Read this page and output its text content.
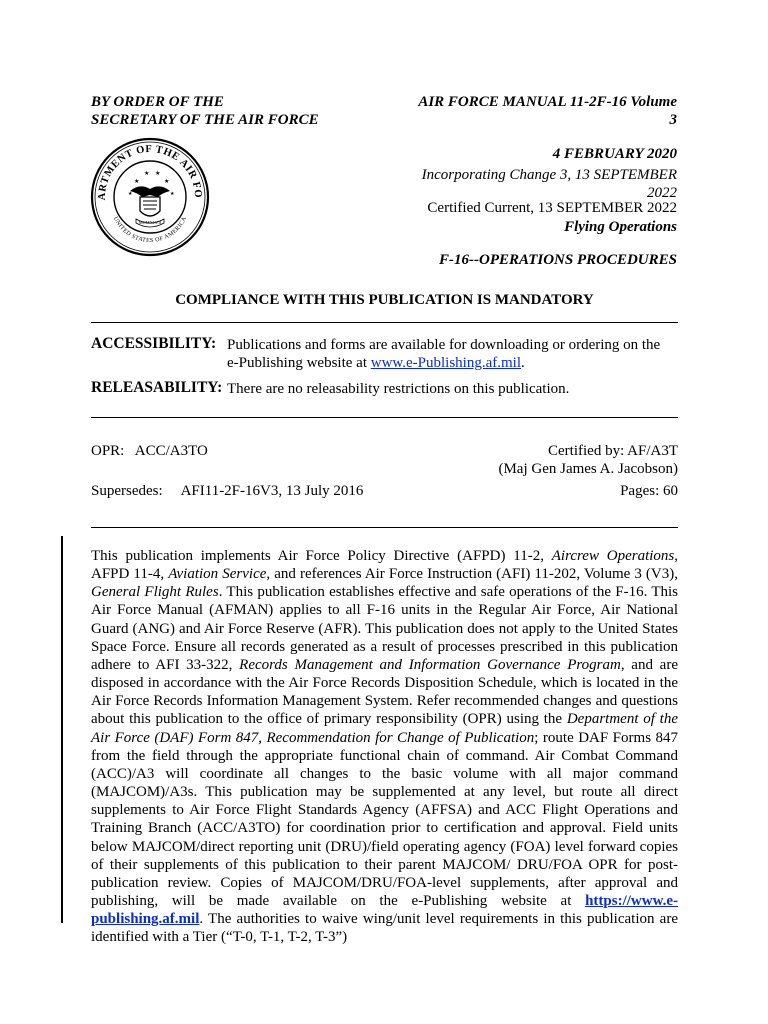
BY ORDER OF THE
SECRETARY OF THE AIR FORCE
ARTMENT OF THE AIR FO
UNITED STATES OF AMERICA
★
★ ★
★
★	★
MCMXLVII
AIR FORCE MANUAL 11-2F-16 Volume
3
4 FEBRUARY 2020
Incorporating Change 3, 13 SEPTEMBER
2022
Certified Current, 13 SEPTEMBER 2022
Flying Operations
F-16--OPERATIONS PROCEDURES
COMPLIANCE WITH THIS PUBLICATION IS MANDATORY
ACCESSIBILITY: Publications and forms are available for downloading or ordering on the
e-Publishing website at www.e-Publishing.af.mil.
RELEASABILITY: There are no releasability restrictions on this publication.
OPR:   ACC/A3TO	Certified by: AF/A3T
(Maj Gen James A. Jacobson)
Supersedes:     AFI11-2F-16V3, 13 July 2016	Pages: 60

This publication implements Air Force Policy Directive (AFPD) 11-2, Aircrew Operations, AFPD 11-4, Aviation Service, and references Air Force Instruction (AFI) 11-202, Volume 3 (V3), General Flight Rules. This publication establishes effective and safe operations of the F-16. This Air Force Manual (AFMAN) applies to all F-16 units in the Regular Air Force, Air National Guard (ANG) and Air Force Reserve (AFR). This publication does not apply to the United States Space Force. Ensure all records generated as a result of processes prescribed in this publication adhere to AFI 33-322, Records Management and Information Governance Program, and are disposed in accordance with the Air Force Records Disposition Schedule, which is located in the Air Force Records Information Management System. Refer recommended changes and questions about this publication to the office of primary responsibility (OPR) using the Department of the Air Force (DAF) Form 847, Recommendation for Change of Publication; route DAF Forms 847 from the field through the appropriate functional chain of command. Air Combat Command (ACC)/A3 will coordinate all changes to the basic volume with all major command (MAJCOM)/A3s. This publication may be supplemented at any level, but route all direct supplements to Air Force Flight Standards Agency (AFFSA) and ACC Flight Operations and Training Branch (ACC/A3TO) for coordination prior to certification and approval. Field units below MAJCOM/direct reporting unit (DRU)/field operating agency (FOA) level forward copies of their supplements of this publication to their parent MAJCOM/ DRU/FOA OPR for post-publication review. Copies of MAJCOM/DRU/FOA-level supplements, after approval and publishing, will be made available on the e-Publishing website at https://www.e-publishing.af.mil. The authorities to waive wing/unit level requirements in this publication are identified with a Tier (“T-0, T-1, T-2, T-3”)
